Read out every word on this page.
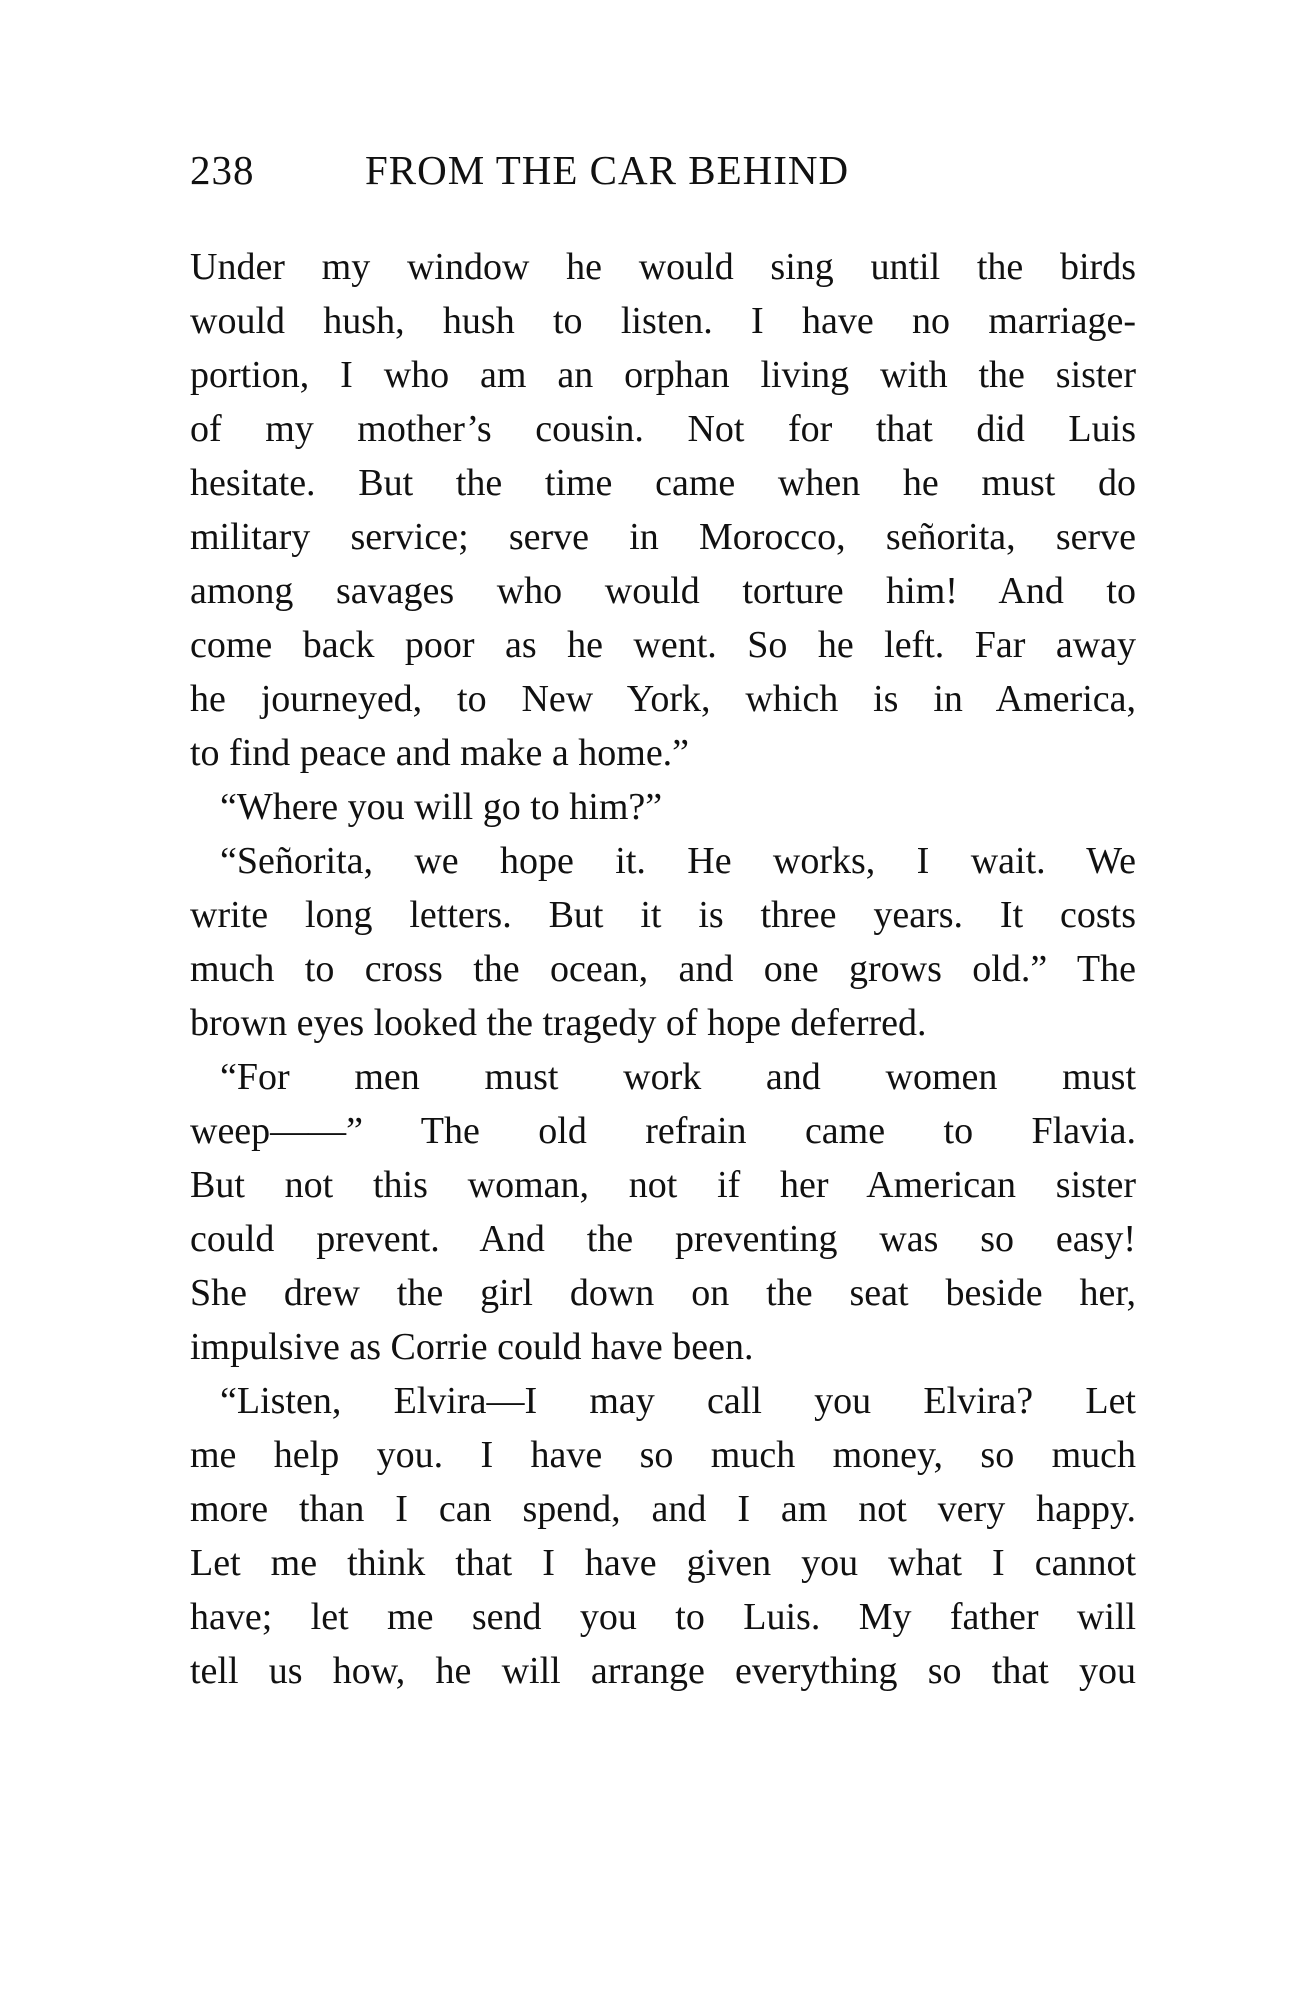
238	FROM THE CAR BEHIND
Under my window he would sing until the birds
would hush, hush to listen. I have no marriage-
portion, I who am an orphan living with the sister
of my mother’s cousin. Not for that did Luis
hesitate. But the time came when he must do
military service; serve in Morocco, señorita, serve
among savages who would torture him! And to
come back poor as he went. So he left. Far away
he journeyed, to New York, which is in America,
to find peace and make a home.”
“Where you will go to him?”
“Señorita, we hope it. He works, I wait. We
write long letters. But it is three years. It costs
much to cross the ocean, and one grows old.” The
brown eyes looked the tragedy of hope deferred.
“For men must work and women must
weep——” The old refrain came to Flavia.
But not this woman, not if her American sister
could prevent. And the preventing was so easy!
She drew the girl down on the seat beside her,
impulsive as Corrie could have been.
“Listen, Elvira—I may call you Elvira? Let
me help you. I have so much money, so much
more than I can spend, and I am not very happy.
Let me think that I have given you what I cannot
have; let me send you to Luis. My father will
tell us how, he will arrange everything so that you
